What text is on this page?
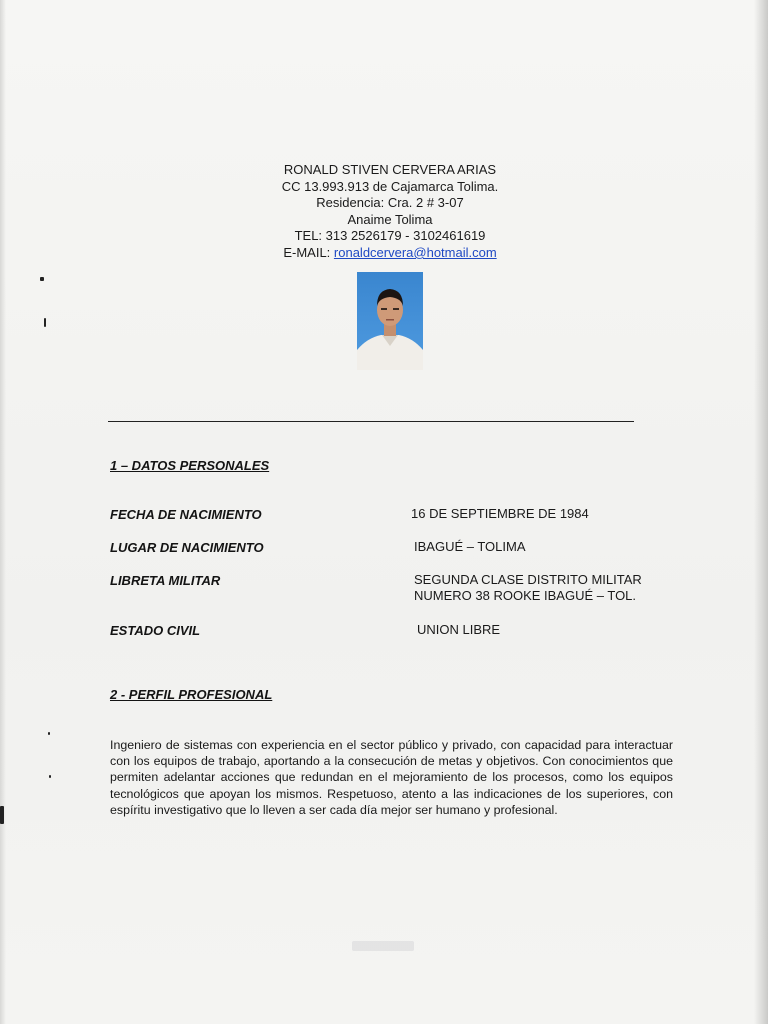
RONALD STIVEN CERVERA ARIAS
CC 13.993.913 de Cajamarca Tolima.
Residencia: Cra. 2 # 3-07
Anaime Tolima
TEL: 313 2526179 - 3102461619
E-MAIL: ronaldcervera@hotmail.com
1 – DATOS PERSONALES
FECHA DE NACIMIENTO	16 DE SEPTIEMBRE DE 1984
LUGAR DE NACIMIENTO	IBAGUÉ – TOLIMA
LIBRETA MILITAR	SEGUNDA CLASE DISTRITO MILITAR
NUMERO 38 ROOKE IBAGUÉ – TOL.
ESTADO CIVIL	UNION LIBRE
2 - PERFIL PROFESIONAL
Ingeniero de sistemas con experiencia en el sector público y privado, con capacidad para interactuar con los equipos de trabajo, aportando a la consecución de metas y objetivos. Con conocimientos que permiten adelantar acciones que redundan en el mejoramiento de los procesos, como los equipos tecnológicos que apoyan los mismos. Respetuoso, atento a las indicaciones de los superiores, con espíritu investigativo que lo lleven a ser cada día mejor ser humano y profesional.
